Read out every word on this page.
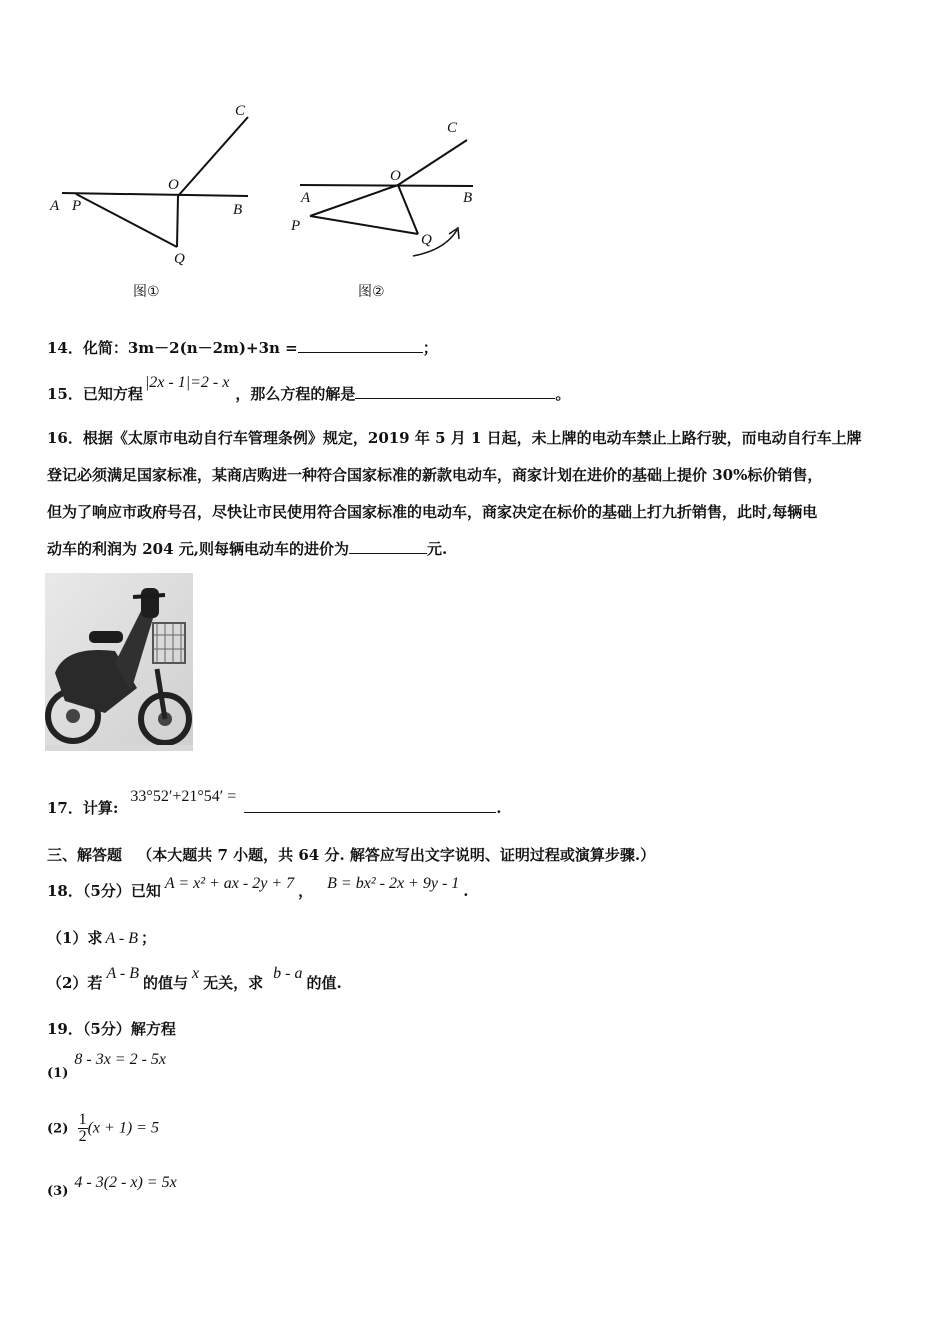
A P
O
B
C
Q
图①
A
P
O
B
C
Q
图②
14．化简：3m－2(n－2m)+3n =	；
15．已知方程|2x - 1|=2 - x，那么方程的解是	。
16．根据《太原市电动自行车管理条例》规定，2019 年 5 月 1 日起，未上牌的电动车禁止上路行驶，而电动自行车上牌
登记必须满足国家标准，某商店购进一种符合国家标准的新款电动车，商家计划在进价的基础上提价 30%标价销售，
但为了响应市政府号召，尽快让市民使用符合国家标准的电动车，商家决定在标价的基础上打九折销售，此时,每辆电
动车的利润为 204 元,则每辆电动车的进价为	元.
17．计算:33°52′+21°54′ =.
三、解答题 （本大题共 7 小题，共 64 分. 解答应写出文字说明、证明过程或演算步骤.）
18．（5分）已知 A = x² + ax - 2y + 7 ， B = bx² - 2x + 9y - 1 .
（1）求 A - B ；
（2）若A - B的值与x无关，求b - a的值.
19．（5分）解方程
(1)8 - 3x = 2 - 5x
$(2) \frac{1}{2} (x + 1) = 5$
(3)4 - 3(2 - x) = 5x
